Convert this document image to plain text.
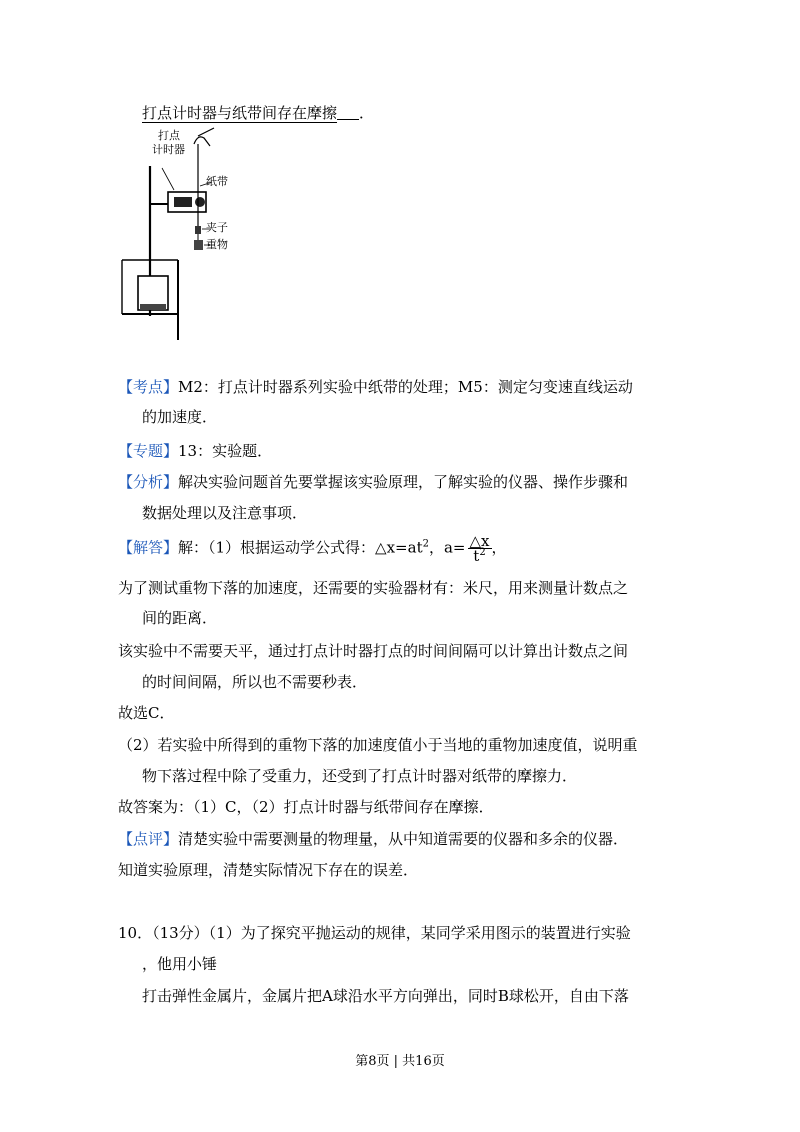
打点计时器与纸带间存在摩擦 ．
打点
计时器
纸带
夹子
重物
【考点】M2：打点计时器系列实验中纸带的处理；M5：测定匀变速直线运动
的加速度．
【专题】13：实验题．
【分析】解决实验问题首先要掌握该实验原理，了解实验的仪器、操作步骤和
数据处理以及注意事项．
【解答】解：（1）根据运动学公式得：$\triangle x=at^2$，$a= \frac{\triangle x}{t^2}$ ，
为了测试重物下落的加速度，还需要的实验器材有：米尺，用来测量计数点之
间的距离．
该实验中不需要天平，通过打点计时器打点的时间间隔可以计算出计数点之间
的时间间隔，所以也不需要秒表．
故选C．
（2）若实验中所得到的重物下落的加速度值小于当地的重物加速度值，说明重
物下落过程中除了受重力，还受到了打点计时器对纸带的摩擦力．
故答案为：（1）C，（2）打点计时器与纸带间存在摩擦．
【点评】清楚实验中需要测量的物理量，从中知道需要的仪器和多余的仪器．
知道实验原理，清楚实际情况下存在的误差．
10．（13分）（1）为了探究平抛运动的规律，某同学采用图示的装置进行实验
，他用小锤
打击弹性金属片，金属片把A球沿水平方向弹出，同时B球松开，自由下落
第8页 | 共16页
